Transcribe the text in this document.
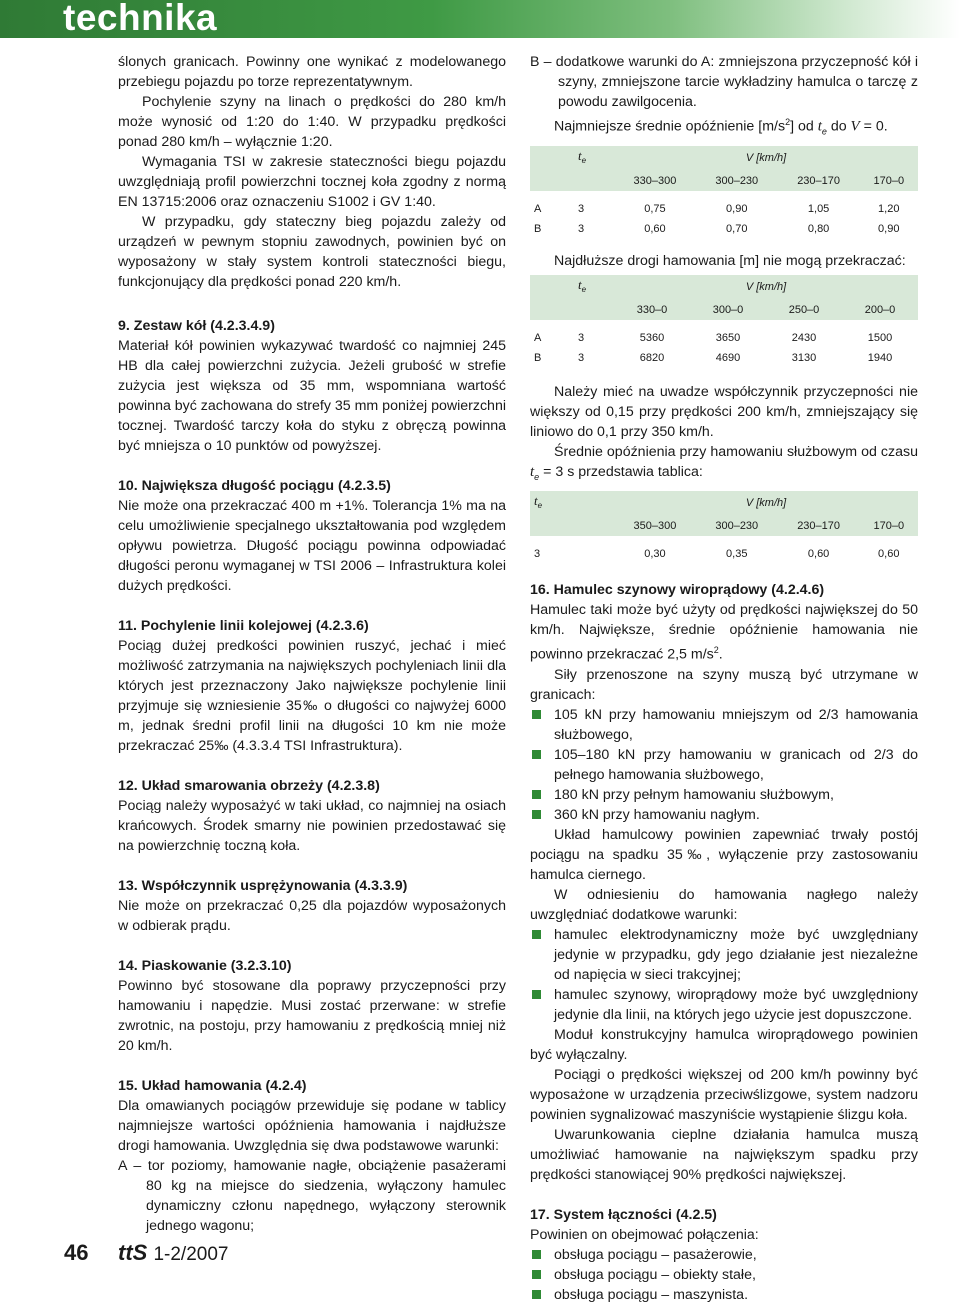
technika

ślonych granicach. Powinny one wynikać z modelowanego przebiegu pojazdu po torze reprezentatywnym.

Pochylenie szyny na linach o prędkości do 280 km/h może wynosić od 1:20 do 1:40. W przypadku prędkości ponad 280 km/h – wyłącznie 1:20.

Wymagania TSI w zakresie stateczności biegu pojazdu uwzględniają profil powierzchni tocznej koła zgodny z normą EN 13715:2006 oraz oznaczeniu S1002 i GV 1:40.

W przypadku, gdy stateczny bieg pojazdu zależy od urządzeń w pewnym stopniu zawodnych, powinien być on wyposażony w stały system kontroli stateczności biegu, funkcjonujący dla prędkości ponad 220 km/h.

9. Zestaw kół (4.2.3.4.9)

Materiał kół powinien wykazywać twardość co najmniej 245 HB dla całej powierzchni zużycia. Jeżeli grubość w strefie zużycia jest większa od 35 mm, wspomniana wartość powinna być zachowana do strefy 35 mm poniżej powierzchni tocznej. Twardość tarczy koła do styku z obręczą powinna być mniejsza o 10 punktów od powyższej.

10. Największa długość pociągu (4.2.3.5)

Nie może ona przekraczać 400 m +1%. Tolerancja 1% ma na celu umożliwienie specjalnego ukształtowania pod względem opływu powietrza. Długość pociągu powinna odpowiadać długości peronu wymaganej w TSI 2006 – Infrastruktura kolei dużych prędkości.

11. Pochylenie linii kolejowej (4.2.3.6)

Pociąg dużej predkości powinien ruszyć, jechać i mieć możliwość zatrzymania na największych pochyleniach linii dla których jest przeznaczony Jako największe pochylenie linii przyjmuje się wzniesienie 35‰ o długości co najwyżej 6000 m, jednak średni profil linii na długości 10 km nie może przekraczać 25‰ (4.3.3.4 TSI Infrastruktura).

12. Układ smarowania obrzeży (4.2.3.8)

Pociąg należy wyposażyć w taki układ, co najmniej na osiach krańcowych. Środek smarny nie powinien przedostawać się na powierzchnię toczną koła.

13. Współczynnik usprężynowania (4.3.3.9)

Nie może on przekraczać 0,25 dla pojazdów wyposażonych w odbierak prądu.

14. Piaskowanie (3.2.3.10)

Powinno być stosowane dla poprawy przyczepności przy hamowaniu i napędzie. Musi zostać przerwane: w strefie zwrotnic, na postoju, przy hamowaniu z prędkością mniej niż 20 km/h.

15. Układ hamowania (4.2.4)

Dla omawianych pociągów przewiduje się podane w tablicy najmniejsze wartości opóźnienia hamowania i najdłuższe drogi hamowania. Uwzględnia się dwa podstawowe warunki:

A – tor poziomy, hamowanie nagłe, obciążenie pasażerami 80 kg na miejsce do siedzenia, wyłączony hamulec dynamiczny członu napędnego, wyłączony sterownik jednego wagonu;

B – dodatkowe warunki do A: zmniejszona przyczepność kół i szyny, zmniejszone tarcie wykładziny hamulca o tarczę z powodu zawilgocenia.

Najmniejsze średnie opóźnienie $[m/s^2]$ od $t_e$ do V = 0.

	$t_e$	V [km/h]			
		330–300	300–230	230–170	170–0

A	3	0,75	0,90	1,05	1,20
B	3	0,60	0,70	0,80	0,90

Najdłuższe drogi hamowania [m] nie mogą przekraczać:

	$t_e$	V [km/h]			
		330–0	300–0	250–0	200–0

A	3	5360	3650	2430	1500
B	3	6820	4690	3130	1940

Należy mieć na uwadze współczynnik przyczepności nie większy od 0,15 przy prędkości 200 km/h, zmniejszający się liniowo do 0,1 przy 350 km/h.

Średnie opóźnienia przy hamowaniu służbowym od czasu $t_e = 3$ s przedstawia tablica:

$t_e$		V [km/h]			
		350–300	300–230	230–170	170–0

3		0,30	0,35	0,60	0,60
16. Hamulec szynowy wiroprądowy (4.2.4.6)

Hamulec taki może być użyty od prędkości największej do 50 km/h. Największe, średnie opóźnienie hamowania nie powinno przekraczać 2,5 $m/s^2$.

Siły przenoszone na szyny muszą być utrzymane w granicach:

105 kN przy hamowaniu mniejszym od 2/3 hamowania służbowego,
105–180 kN przy hamowaniu w granicach od 2/3 do pełnego hamowania służbowego,
180 kN przy pełnym hamowaniu służbowym,
360 kN przy hamowaniu nagłym.

Układ hamulcowy powinien zapewniać trwały postój pociągu na spadku 35‰, wyłączenie przy zastosowaniu hamulca ciernego.

W odniesieniu do hamowania nagłego należy uwzględniać dodatkowe warunki:

hamulec elektrodynamiczny może być uwzględniany jedynie w przypadku, gdy jego działanie jest niezależne od napięcia w sieci trakcyjnej;
hamulec szynowy, wiroprądowy może być uwzględniony jedynie dla linii, na których jego użycie jest dopuszczone.

Moduł konstrukcyjny hamulca wiroprądowego powinien być wyłączalny.

Pociągi o prędkości większej od 200 km/h powinny być wyposażone w urządzenia przeciwślizgowe, system nadzoru powinien sygnalizować maszyniście wystąpienie ślizgu koła.

Uwarunkowania cieplne działania hamulca muszą umożliwiać hamowanie na największym spadku przy prędkości stanowiącej 90% prędkości największej.

17. System łączności (4.2.5)

Powinien on obejmować połączenia:

obsługa pociągu – pasażerowie,
obsługa pociągu – obiekty stałe,
obsługa pociągu – maszynista.
46 ttS 1-2/2007
